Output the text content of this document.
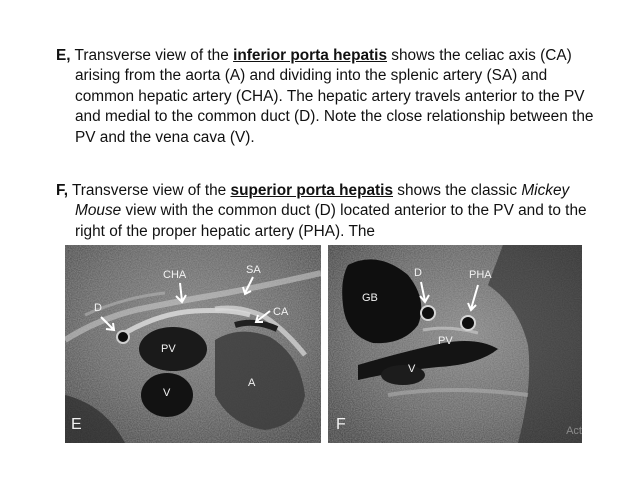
E, Transverse view of the inferior porta hepatis shows the celiac axis (CA) arising from the aorta (A) and dividing into the splenic artery (SA) and common hepatic artery (CHA). The hepatic artery travels anterior to the PV and medial to the common duct (D). Note the close relationship between the PV and the vena cava (V).

F, Transverse view of the superior porta hepatis shows the classic Mickey Mouse view with the common duct (D) located anterior to the PV and to the right of the proper hepatic artery (PHA). The

CHA	SA
CA
D
PV
V
A
E
D	PHA
GB
PV
V
F	Act
